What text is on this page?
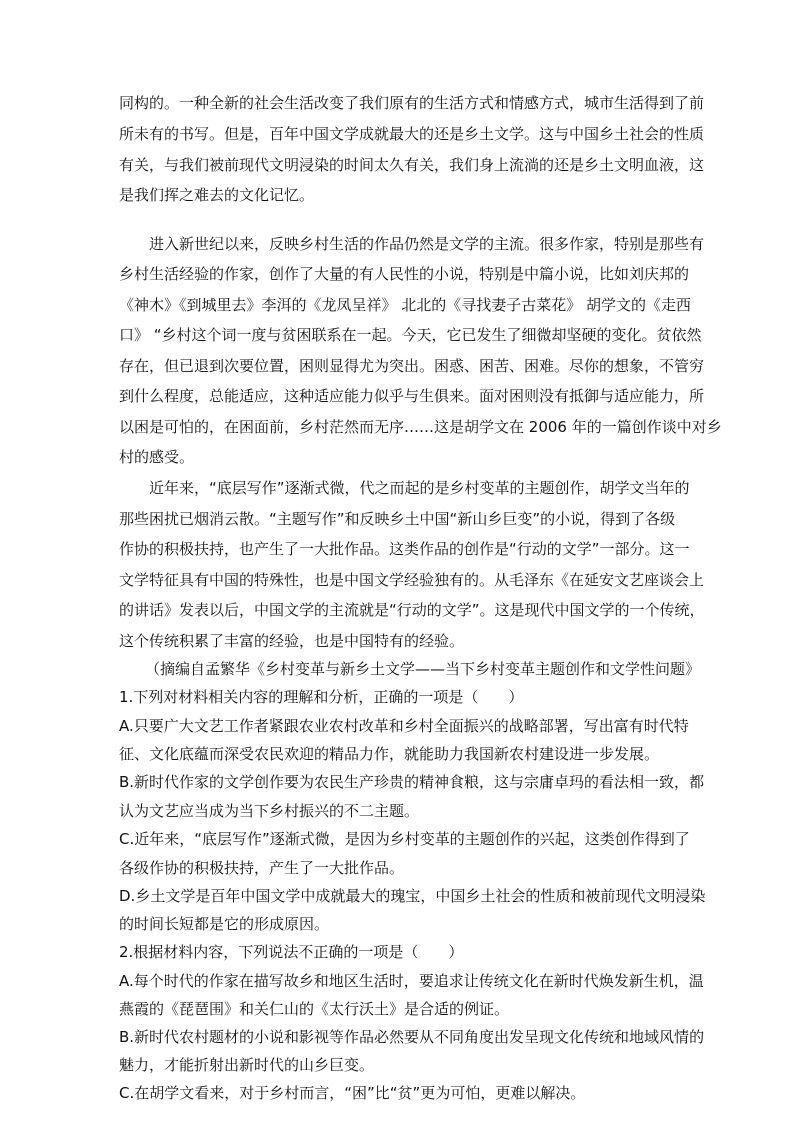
同构的。一种全新的社会生活改变了我们原有的生活方式和情感方式，城市生活得到了前
所未有的书写。但是，百年中国文学成就最大的还是乡土文学。这与中国乡土社会的性质
有关，与我们被前现代文明浸染的时间太久有关，我们身上流淌的还是乡土文明血液，这
是我们挥之难去的文化记忆。
进入新世纪以来，反映乡村生活的作品仍然是文学的主流。很多作家，特别是那些有
乡村生活经验的作家，创作了大量的有人民性的小说，特别是中篇小说，比如刘庆邦的
《神木》《到城里去》李洱的《龙凤呈祥》 北北的《寻找妻子古菜花》 胡学文的《走西
口》 “乡村这个词一度与贫困联系在一起。今天，它已发生了细微却坚硬的变化。贫依然
存在，但已退到次要位置，困则显得尤为突出。困惑、困苦、困难。尽你的想象，不管穷
到什么程度，总能适应，这种适应能力似乎与生俱来。面对困则没有抵御与适应能力，所
以困是可怕的，在困面前，乡村茫然而无序……这是胡学文在 2006 年的一篇创作谈中对乡
村的感受。
近年来，“底层写作”逐渐式微，代之而起的是乡村变革的主题创作，胡学文当年的
那些困扰已烟消云散。“主题写作”和反映乡土中国“新山乡巨变”的小说，得到了各级
作协的积极扶持，也产生了一大批作品。这类作品的创作是“行动的文学”一部分。这一
文学特征具有中国的特殊性，也是中国文学经验独有的。从毛泽东《在延安文艺座谈会上
的讲话》发表以后，中国文学的主流就是“行动的文学”。这是现代中国文学的一个传统，
这个传统积累了丰富的经验，也是中国特有的经验。
（摘编自孟繁华《乡村变革与新乡土文学——当下乡村变革主题创作和文学性问题》
1.下列对材料相关内容的理解和分析，正确的一项是（　　）
A.只要广大文艺工作者紧跟农业农村改革和乡村全面振兴的战略部署，写出富有时代特
征、文化底蕴而深受农民欢迎的精品力作，就能助力我国新农村建设进一步发展。
B.新时代作家的文学创作要为农民生产珍贵的精神食粮，这与宗庸卓玛的看法相一致，都
认为文艺应当成为当下乡村振兴的不二主题。
C.近年来，“底层写作”逐渐式微，是因为乡村变革的主题创作的兴起，这类创作得到了
各级作协的积极扶持，产生了一大批作品。
D.乡土文学是百年中国文学中成就最大的瑰宝，中国乡土社会的性质和被前现代文明浸染
的时间长短都是它的形成原因。
2.根据材料内容，下列说法不正确的一项是（　　）
A.每个时代的作家在描写故乡和地区生活时，要追求让传统文化在新时代焕发新生机，温
燕霞的《琵琶围》和关仁山的《太行沃土》是合适的例证。
B.新时代农村题材的小说和影视等作品必然要从不同角度出发呈现文化传统和地域风情的
魅力，才能折射出新时代的山乡巨变。
C.在胡学文看来，对于乡村而言，“困”比“贫”更为可怕，更难以解决。
